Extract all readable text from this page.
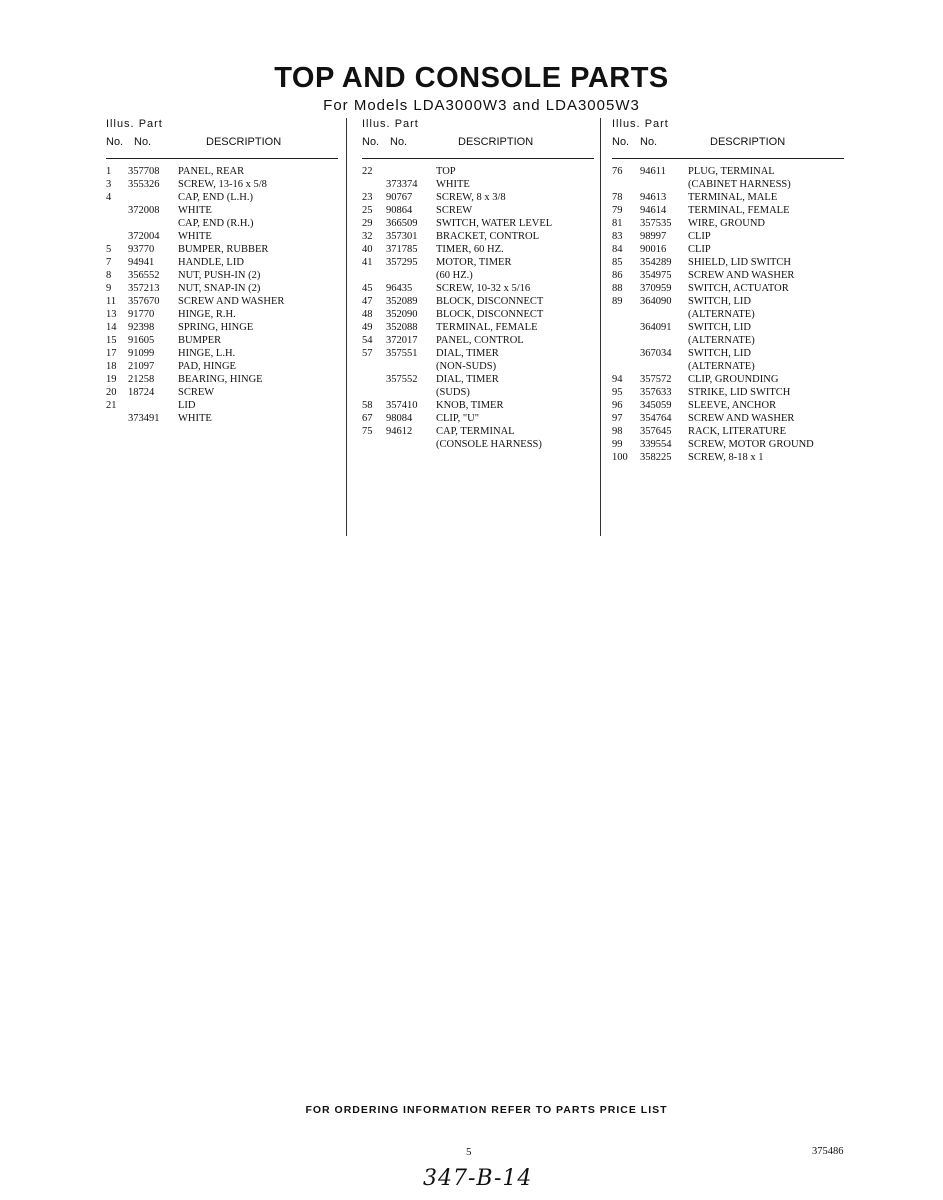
TOP AND CONSOLE PARTS
For Models LDA3000W3 and LDA3005W3
Illus. Part
No. No.	DESCRIPTION
1 357708 PANEL, REAR
3 355326 SCREW, 13-16 x 5/8
4	CAP, END (L.H.)
372008 WHITE
CAP, END (R.H.)
372004 WHITE
5 93770 BUMPER, RUBBER
7 94941 HANDLE, LID
8 356552 NUT, PUSH-IN (2)
9 357213 NUT, SNAP-IN (2)
11 357670 SCREW AND WASHER
13 91770 HINGE, R.H.
14 92398 SPRING, HINGE
15 91605 BUMPER
17 91099 HINGE, L.H.
18 21097 PAD, HINGE
19 21258 BEARING, HINGE
20 18724 SCREW
21	LID
373491 WHITE
Illus. Part
No. No.	DESCRIPTION
22	TOP
373374 WHITE
23 90767 SCREW, 8 x 3/8
25 90864 SCREW
29 366509 SWITCH, WATER LEVEL
32 357301 BRACKET, CONTROL
40 371785 TIMER, 60 HZ.
41 357295 MOTOR, TIMER
(60 HZ.)
45 96435 SCREW, 10-32 x 5/16
47 352089 BLOCK, DISCONNECT
48 352090 BLOCK, DISCONNECT
49 352088 TERMINAL, FEMALE
54 372017 PANEL, CONTROL
57 357551 DIAL, TIMER
(NON-SUDS)
357552 DIAL, TIMER
(SUDS)
58 357410 KNOB, TIMER
67 98084 CLIP, "U"
75 94612 CAP, TERMINAL
(CONSOLE HARNESS)
Illus. Part
No. No.	DESCRIPTION
76 94611 PLUG, TERMINAL
(CABINET HARNESS)
78 94613 TERMINAL, MALE
79 94614 TERMINAL, FEMALE
81 357535 WIRE, GROUND
83 98997 CLIP
84 90016 CLIP
85 354289 SHIELD, LID SWITCH
86 354975 SCREW AND WASHER
88 370959 SWITCH, ACTUATOR
89 364090 SWITCH, LID
(ALTERNATE)
364091 SWITCH, LID
(ALTERNATE)
367034 SWITCH, LID
(ALTERNATE)
94 357572 CLIP, GROUNDING
95 357633 STRIKE, LID SWITCH
96 345059 SLEEVE, ANCHOR
97 354764 SCREW AND WASHER
98 357645 RACK, LITERATURE
99 339554 SCREW, MOTOR GROUND
100 358225 SCREW, 8-18 x 1
FOR ORDERING INFORMATION REFER TO PARTS PRICE LIST
5	375486
347-B-14
